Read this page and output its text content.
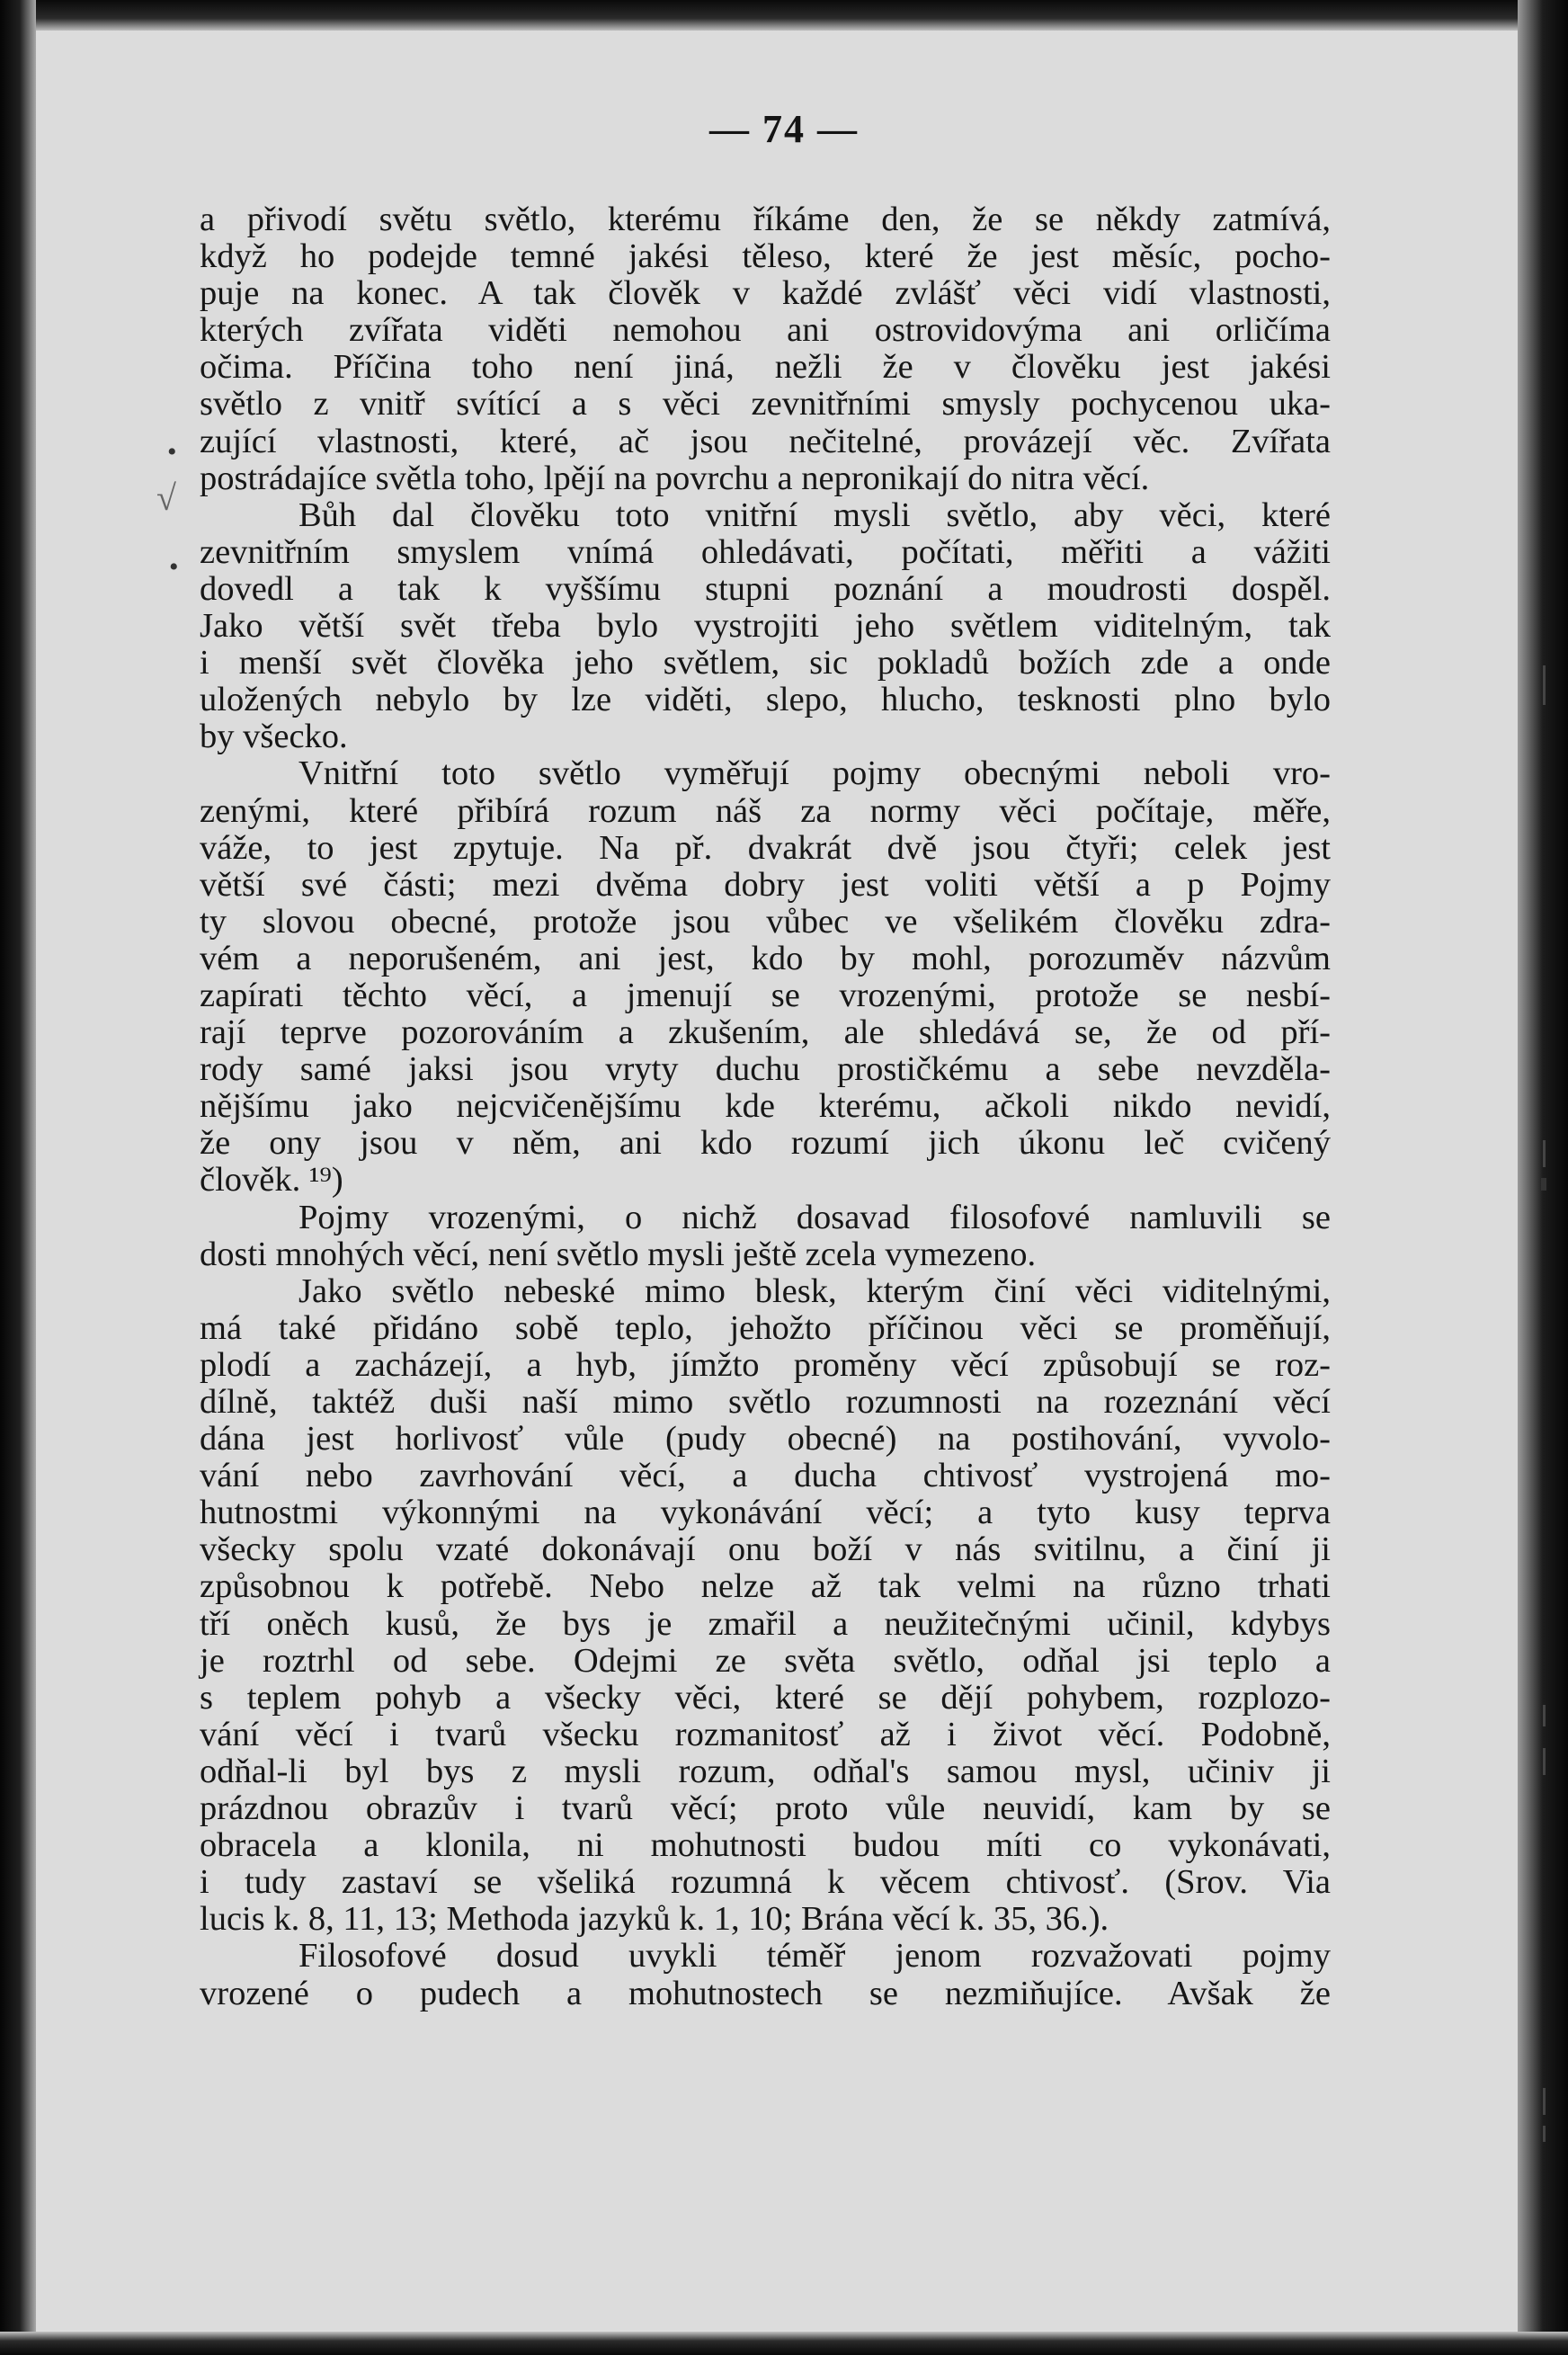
— 74 —
•
√
•
a přivodí světu světlo, kterému říkáme den, že se někdy zatmívá,
když ho podejde temné jakési těleso, které že jest měsíc, pocho-
puje na konec. A tak člověk v každé zvlášť věci vidí vlastnosti,
kterých zvířata viděti nemohou ani ostrovidovýma ani orličíma
očima. Příčina toho není jiná, nežli že v člověku jest jakési
světlo z vnitř svítící a s věci zevnitřními smysly pochycenou uka-
zující vlastnosti, které, ač jsou nečitelné, provázejí věc. Zvířata
postrádajíce světla toho, lpějí na povrchu a nepronikají do nitra věcí.
Bůh dal člověku toto vnitřní mysli světlo, aby věci, které
zevnitřním smyslem vnímá ohledávati, počítati, měřiti a vážiti
dovedl a tak k vyššímu stupni poznání a moudrosti dospěl.
Jako větší svět třeba bylo vystrojiti jeho světlem viditelným, tak
i menší svět člověka jeho světlem, sic pokladů božích zde a onde
uložených nebylo by lze viděti, slepo, hlucho, tesknosti plno bylo
by všecko.
Vnitřní toto světlo vyměřují pojmy obecnými neboli vro-
zenými, které přibírá rozum náš za normy věci počítaje, měře,
váže, to jest zpytuje. Na př. dvakrát dvě jsou čtyři; celek jest
větší své části; mezi dvěma dobry jest voliti větší a p Pojmy
ty slovou obecné, protože jsou vůbec ve všelikém člověku zdra-
vém a neporušeném, ani jest, kdo by mohl, porozuměv názvům
zapírati těchto věcí, a jmenují se vrozenými, protože se nesbí-
rají teprve pozorováním a zkušením, ale shledává se, že od pří-
rody samé jaksi jsou vryty duchu prostičkému a sebe nevzděla-
nějšímu jako nejcvičenějšímu kde kterému, ačkoli nikdo nevidí,
že ony jsou v něm, ani kdo rozumí jich úkonu leč cvičený
člověk. ¹⁹)
Pojmy vrozenými, o nichž dosavad filosofové namluvili se
dosti mnohých věcí, není světlo mysli ještě zcela vymezeno.
Jako světlo nebeské mimo blesk, kterým činí věci viditelnými,
má také přidáno sobě teplo, jehožto příčinou věci se proměňují,
plodí a zacházejí, a hyb, jímžto proměny věcí způsobují se roz-
dílně, taktéž duši naší mimo světlo rozumnosti na rozeznání věcí
dána jest horlivosť vůle (pudy obecné) na postihování, vyvolo-
vání nebo zavrhování věcí, a ducha chtivosť vystrojená mo-
hutnostmi výkonnými na vykonávání věcí; a tyto kusy teprva
všecky spolu vzaté dokonávají onu boží v nás svitilnu, a činí ji
způsobnou k potřebě. Nebo nelze až tak velmi na různo trhati
tří oněch kusů, že bys je zmařil a neužitečnými učinil, kdybys
je roztrhl od sebe. Odejmi ze světa světlo, odňal jsi teplo a
s teplem pohyb a všecky věci, které se dějí pohybem, rozplozo-
vání věcí i tvarů všecku rozmanitosť až i život věcí. Podobně,
odňal-li byl bys z mysli rozum, odňal's samou mysl, učiniv ji
prázdnou obrazův i tvarů věcí; proto vůle neuvidí, kam by se
obracela a klonila, ni mohutnosti budou míti co vykonávati,
i tudy zastaví se všeliká rozumná k věcem chtivosť. (Srov. Via
lucis k. 8, 11, 13; Methoda jazyků k. 1, 10; Brána věcí k. 35, 36.).
Filosofové dosud uvykli téměř jenom rozvažovati pojmy
vrozené o pudech a mohutnostech se nezmiňujíce. Avšak že
